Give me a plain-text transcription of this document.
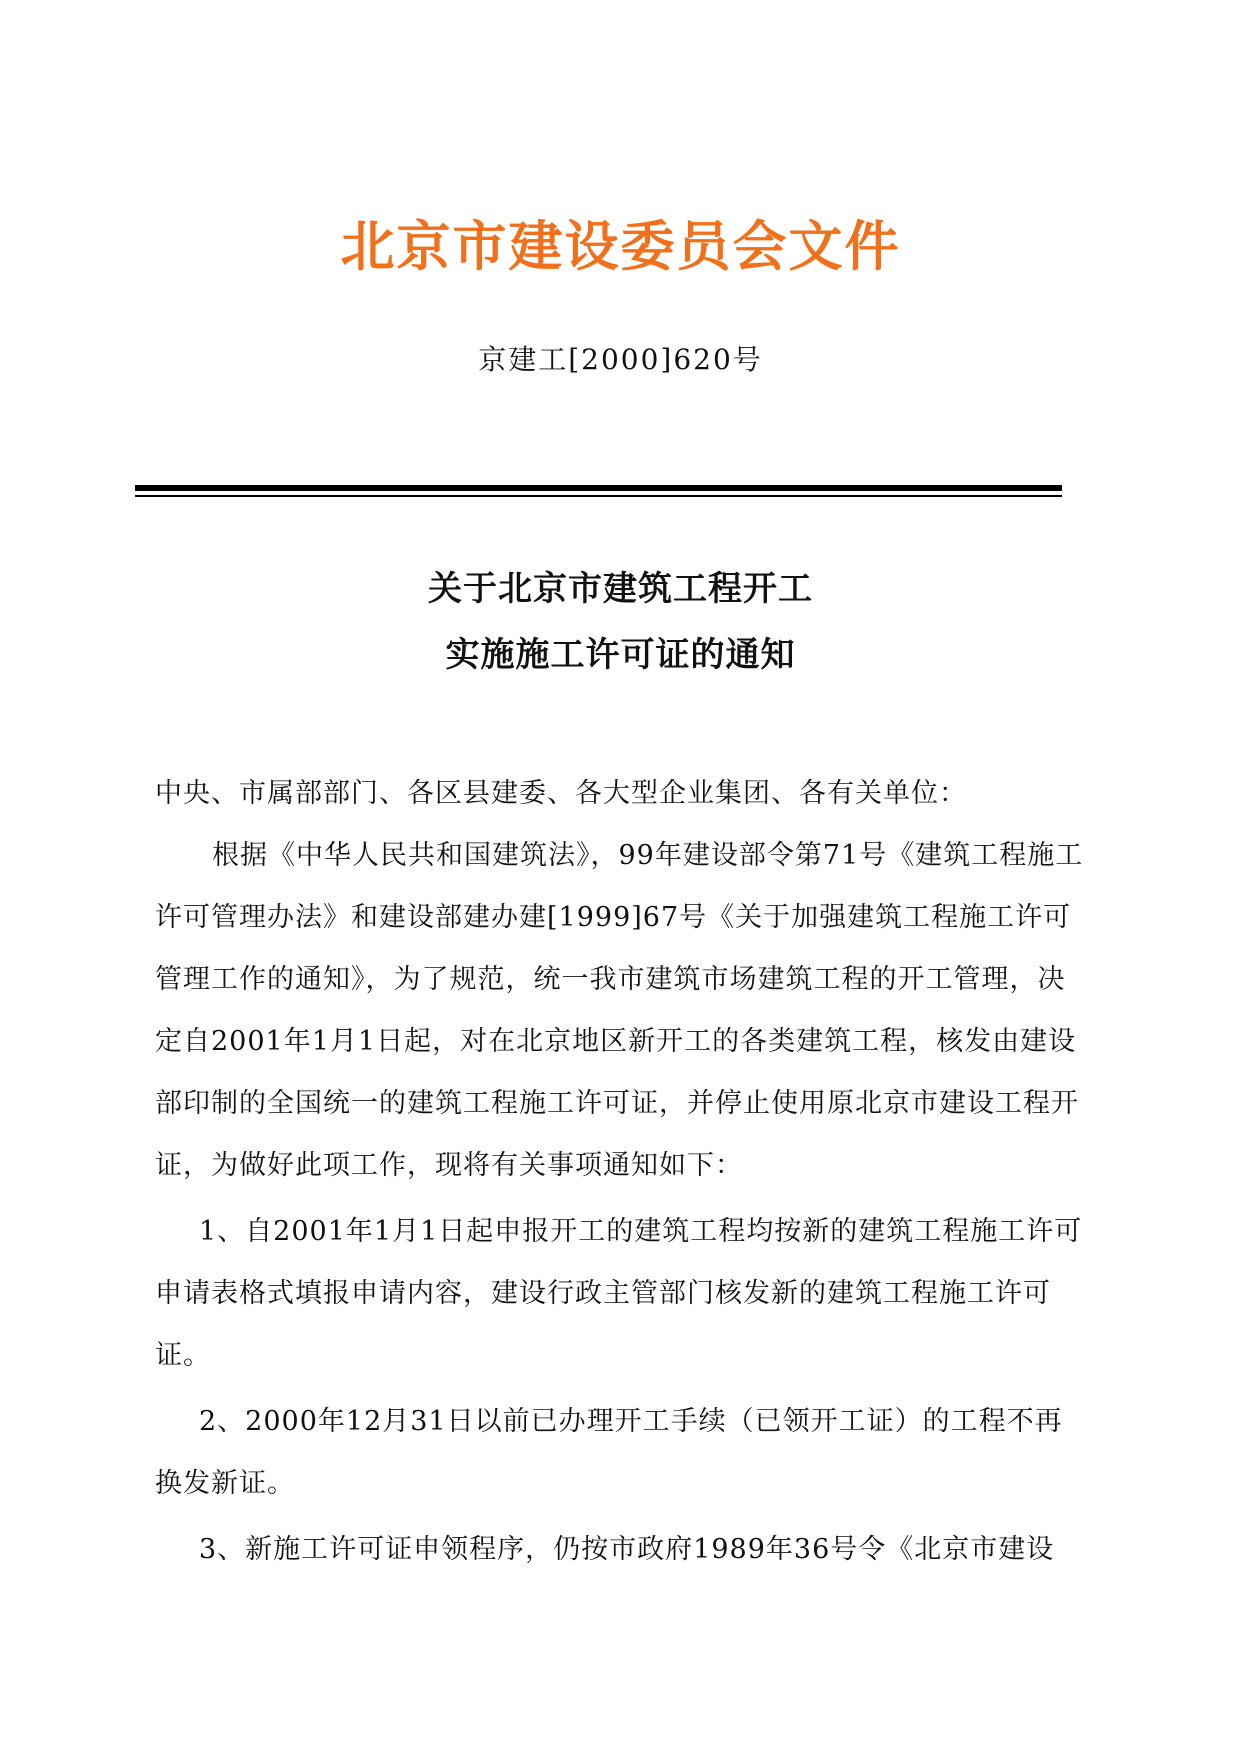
北京市建设委员会文件
京建工[2000]620号
关于北京市建筑工程开工
实施施工许可证的通知

中央、市属部部门、各区县建委、各大型企业集团、各有关单位：

根据《中华人民共和国建筑法》，99年建设部令第71号《建筑工程施工许可管理办法》和建设部建办建[1999]67号《关于加强建筑工程施工许可管理工作的通知》，为了规范，统一我市建筑市场建筑工程的开工管理，决定自2001年1月1日起，对在北京地区新开工的各类建筑工程，核发由建设部印制的全国统一的建筑工程施工许可证，并停止使用原北京市建设工程开证，为做好此项工作，现将有关事项通知如下：

1、自2001年1月1日起申报开工的建筑工程均按新的建筑工程施工许可申请表格式填报申请内容，建设行政主管部门核发新的建筑工程施工许可证。

2、2000年12月31日以前已办理开工手续（已领开工证）的工程不再换发新证。

3、新施工许可证申领程序，仍按市政府1989年36号令《北京市建设
